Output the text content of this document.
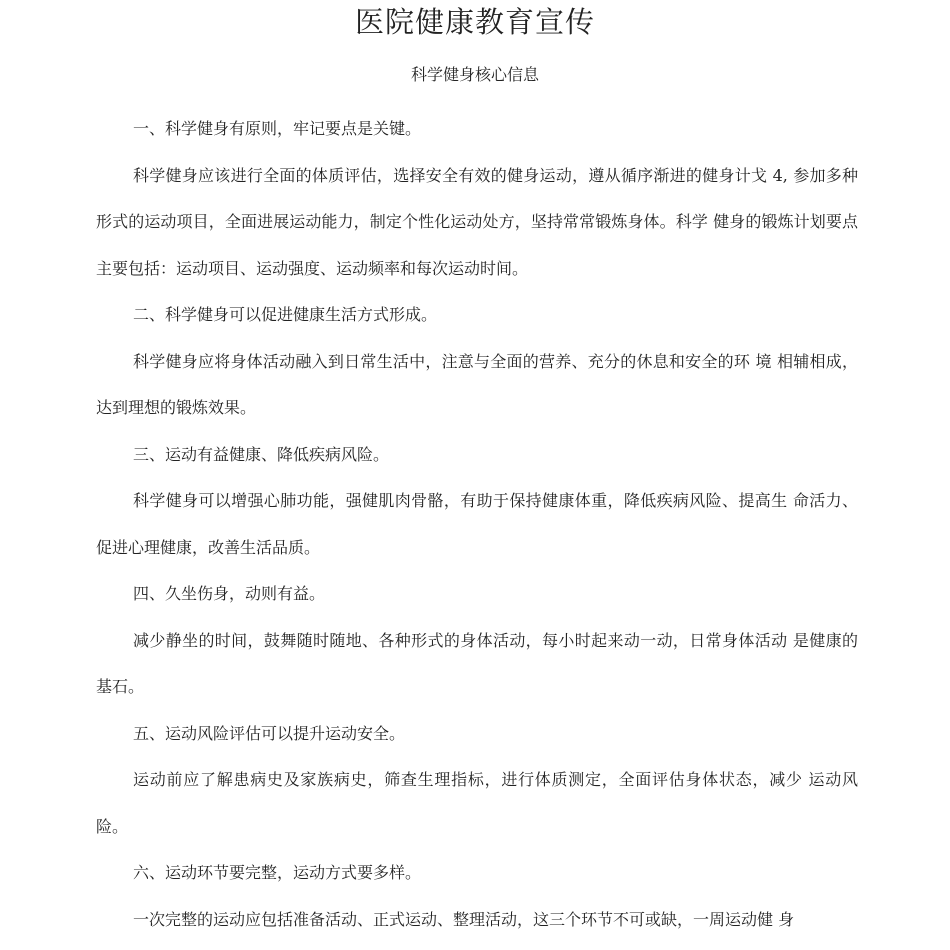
医院健康教育宣传
科学健身核心信息

一、科学健身有原则，牢记要点是关键。

科学健身应该进行全面的体质评估，选择安全有效的健身运动，遵从循序渐进的健身计戈 4, 参加多种形式的运动项目，全面进展运动能力，制定个性化运动处方，坚持常常锻炼身体。科学 健身的锻炼计划要点主要包括：运动项目、运动强度、运动频率和每次运动时间。

二、科学健身可以促进健康生活方式形成。

科学健身应将身体活动融入到日常生活中，注意与全面的营养、充分的休息和安全的环 境 相辅相成，达到理想的锻炼效果。

三、运动有益健康、降低疾病风险。

科学健身可以增强心肺功能，强健肌肉骨骼，有助于保持健康体重，降低疾病风险、提高生 命活力、促进心理健康，改善生活品质。

四、久坐伤身，动则有益。

减少静坐的时间，鼓舞随时随地、各种形式的身体活动，每小时起来动一动，日常身体活动 是健康的基石。

五、运动风险评估可以提升运动安全。

运动前应了解患病史及家族病史，筛查生理指标，进行体质测定，全面评估身体状态，减少 运动风险。

六、运动环节要完整，运动方式要多样。

一次完整的运动应包括准备活动、正式运动、整理活动，这三个环节不可或缺，一周运动健 身
